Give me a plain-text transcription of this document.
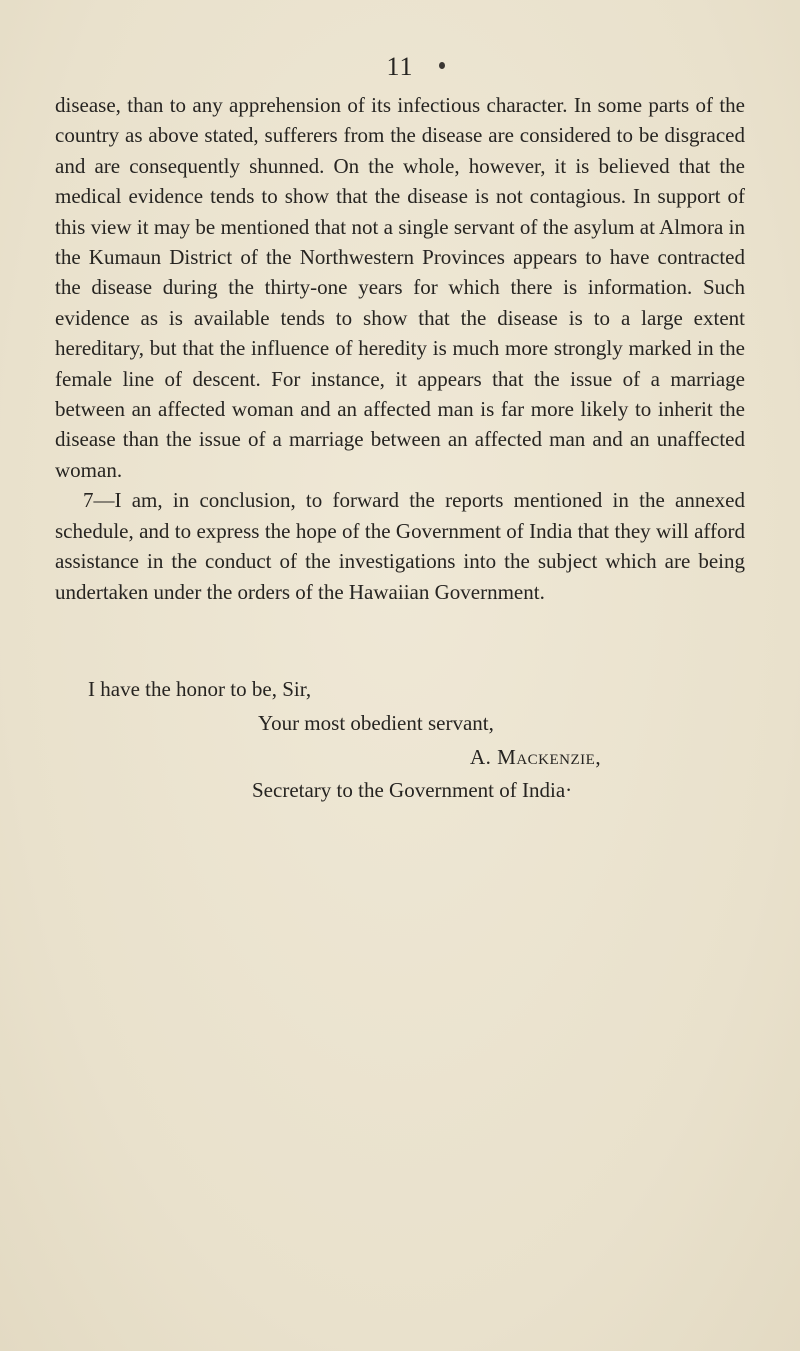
11

disease, than to any apprehension of its infectious character. In some parts of the country as above stated, sufferers from the disease are considered to be disgraced and are consequently shunned. On the whole, however, it is believed that the medical evidence tends to show that the disease is not contagious. In support of this view it may be mentioned that not a single servant of the asylum at Almora in the Kumaun District of the Northwestern Provinces appears to have contracted the disease during the thirty-one years for which there is information. Such evidence as is available tends to show that the disease is to a large extent hereditary, but that the influence of heredity is much more strongly marked in the female line of descent. For instance, it appears that the issue of a marriage between an affected woman and an affected man is far more likely to inherit the disease than the issue of a marriage between an affected man and an unaffected woman.

7—I am, in conclusion, to forward the reports mentioned in the annexed schedule, and to express the hope of the Government of India that they will afford assistance in the conduct of the investigations into the subject which are being undertaken under the orders of the Hawaiian Government.

I have the honor to be, Sir,
Your most obedient servant,
A. Mackenzie,
Secretary to the Government of India·
